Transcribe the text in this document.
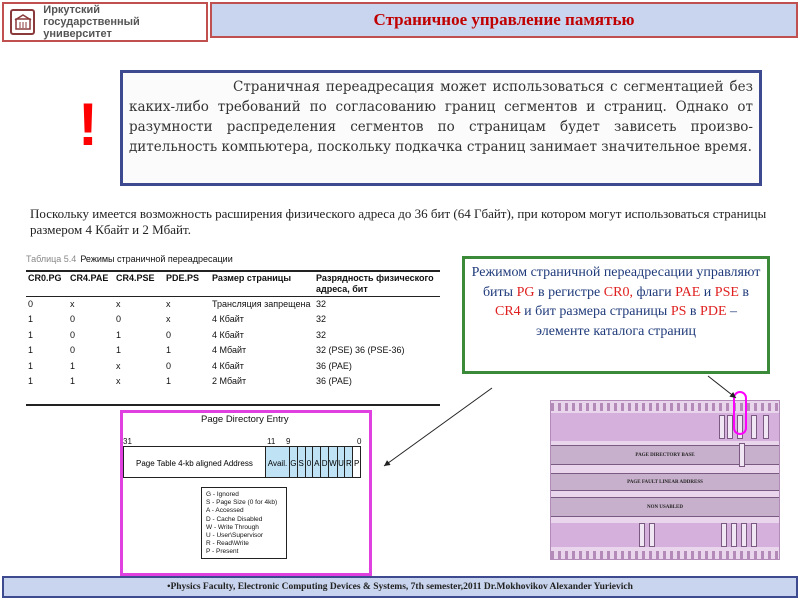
Иркутский
государственный университет
Страничное управление памятью
!

Страничная переадресация может использоваться с сегментацией без каких-либо требований по согласованию границ сегментов и страниц. Однако от разумности распределения сегментов по страницам будет зависеть произво-дительность компьютера, поскольку подкачка страниц занимает значительное время.

Поскольку имеется возможность расширения физического адреса до 36 бит (64 Гбайт), при котором могут использоваться страницы размером 4 Кбайт и 2 Мбайт.

Таблица 5.4 Режимы страничной переадресации
CR0.PG	CR4.PAE	CR4.PSE	PDE.PS	Размер страницы	Разрядность физического адреса, бит
0	x	x	x	Трансляция запрещена	32
1	0	0	x	4 Кбайт	32
1	0	1	0	4 Кбайт	32
1	0	1	1	4 Мбайт	32 (PSE) 36 (PSE-36)
1	1	x	0	4 Кбайт	36 (PAE)
1	1	x	1	2 Мбайт	36 (PAE)
Page Directory Entry
31	11 9	0
Page Table 4-kb aligned Address	Avail. G S 0 A D W U R P
G - Ignored
S - Page Size (0 for 4kb)
A - Accessed
D - Cache Disabled
W - Write Through
U - User\Supervisor
R - Read\Write
P - Present

Режимом страничной переадресации управляют биты PG в регистре CR0, флаги PAE и PSE в CR4 и бит размера страницы PS в PDE – элементе каталога страниц

PAGE DIRECTORY BASE
PAGE FAULT LINEAR ADDRESS
NON USABLED
•Physics Faculty, Electronic Computing Devices & Systems, 7th semester,2011 Dr.Mokhovikov Alexander Yurievich
